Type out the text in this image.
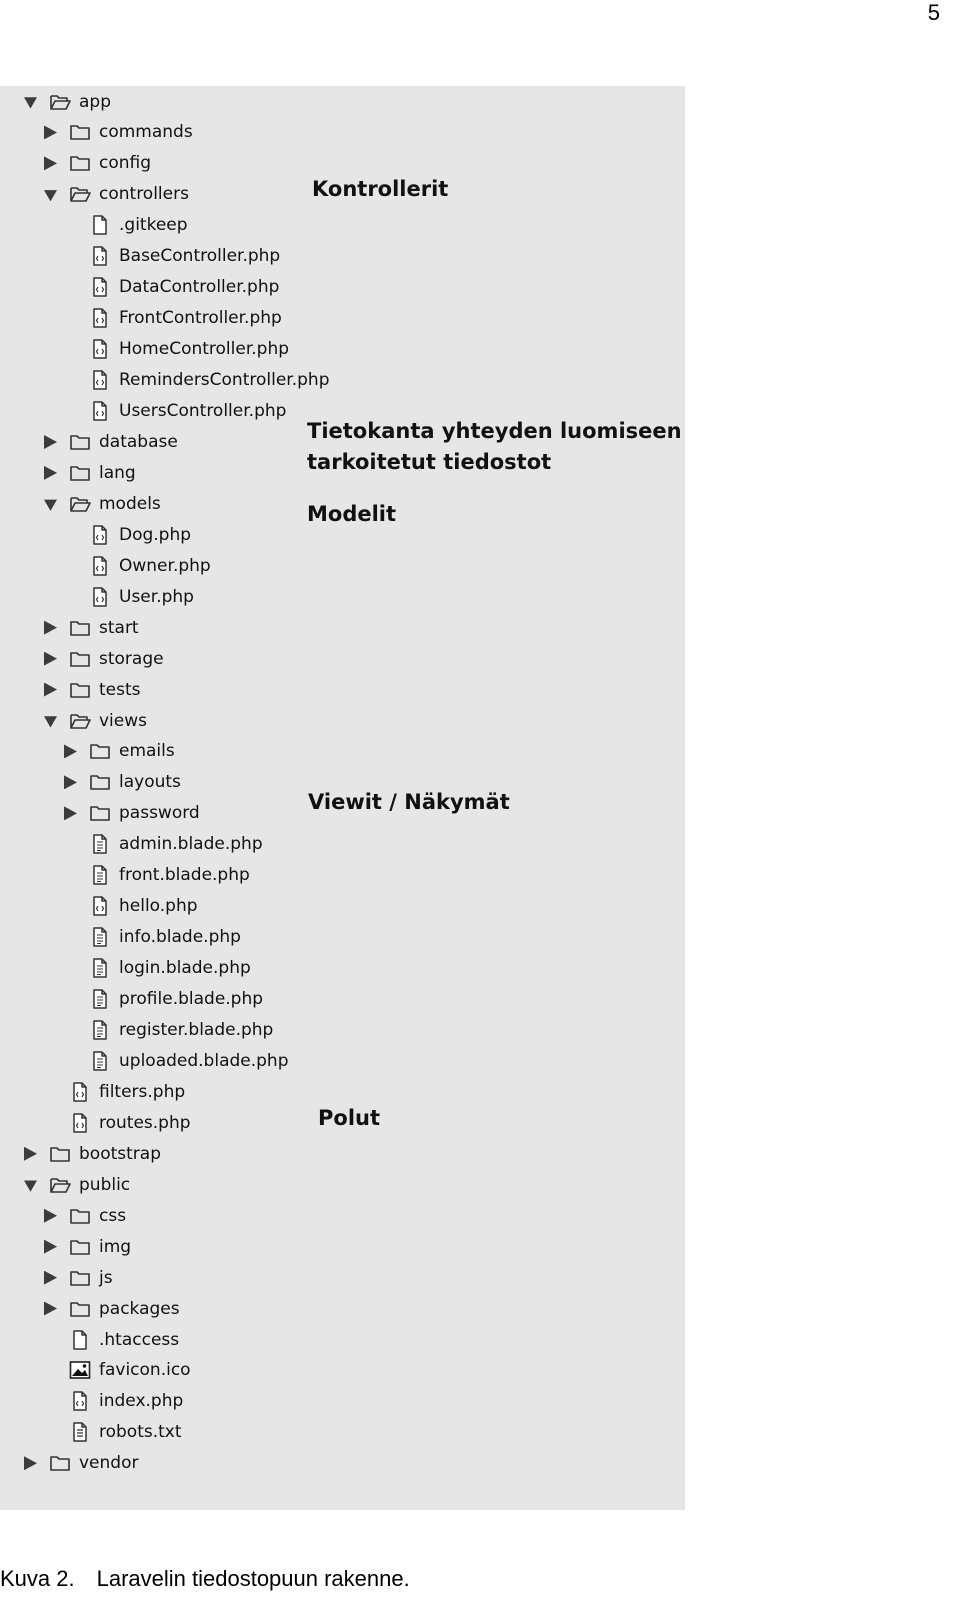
5
app
commands
config
controllers
.gitkeep
BaseController.php
DataController.php
FrontController.php
HomeController.php
RemindersController.php
UsersController.php
database
lang
models
Dog.php
Owner.php
User.php
start
storage
tests
views
emails
layouts
password
admin.blade.php
front.blade.php
hello.php
info.blade.php
login.blade.php
profile.blade.php
register.blade.php
uploaded.blade.php
filters.php
routes.php
bootstrap
public
css
img
js
packages
.htaccess
favicon.ico
index.php
robots.txt
vendor
Kontrollerit
Tietokanta yhteyden luomiseen
tarkoitetut tiedostot
Modelit
Viewit / Näkymät
Polut
Kuva 2. Laravelin tiedostopuun rakenne.
